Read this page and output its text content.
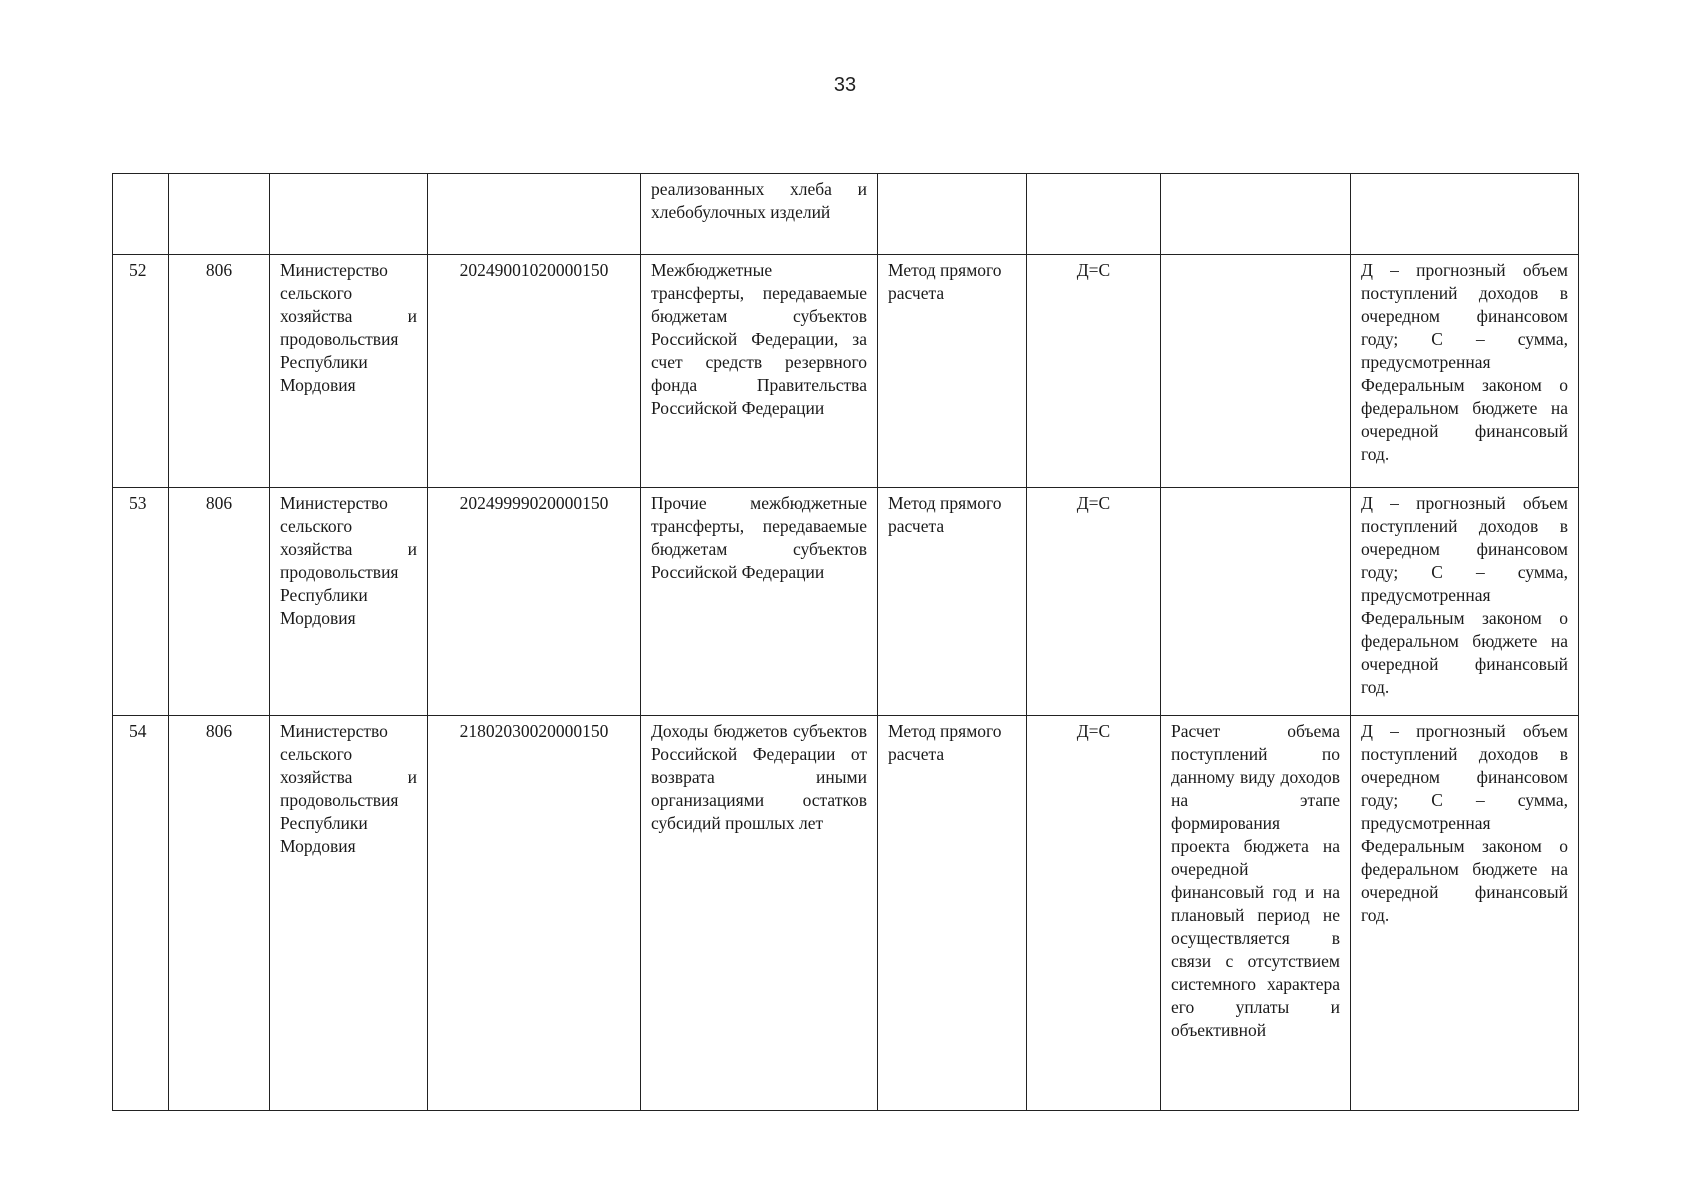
33
				реализованных хлеба и хлебобулочных изделий				
52	806	Министерство сельского хозяйства и продовольствия Республики Мордовия	20249001020000150	Межбюджетные трансферты, передаваемые бюджетам субъектов Российской Федерации, за счет средств резервного фонда Правительства Российской Федерации	Метод прямого расчета	Д=С		Д – прогнозный объем поступлений доходов в очередном финансовом году; С – сумма, предусмотренная Федеральным законом о федеральном бюджете на очередной финансовый год.
53	806	Министерство сельского хозяйства и продовольствия Республики Мордовия	20249999020000150	Прочие межбюджетные трансферты, передаваемые бюджетам субъектов Российской Федерации	Метод прямого расчета	Д=С		Д – прогнозный объем поступлений доходов в очередном финансовом году; С – сумма, предусмотренная Федеральным законом о федеральном бюджете на очередной финансовый год.
54	806	Министерство сельского хозяйства и продовольствия Республики Мордовия	21802030020000150	Доходы бюджетов субъектов Российской Федерации от возврата иными организациями остатков субсидий прошлых лет	Метод прямого расчета	Д=С	Расчет объема поступлений по данному виду доходов на этапе формирования проекта бюджета на очередной финансовый год и на плановый период не осуществляется в связи с отсутствием системного характера его уплаты и объективной	Д – прогнозный объем поступлений доходов в очередном финансовом году; С – сумма, предусмотренная Федеральным законом о федеральном бюджете на очередной финансовый год.
